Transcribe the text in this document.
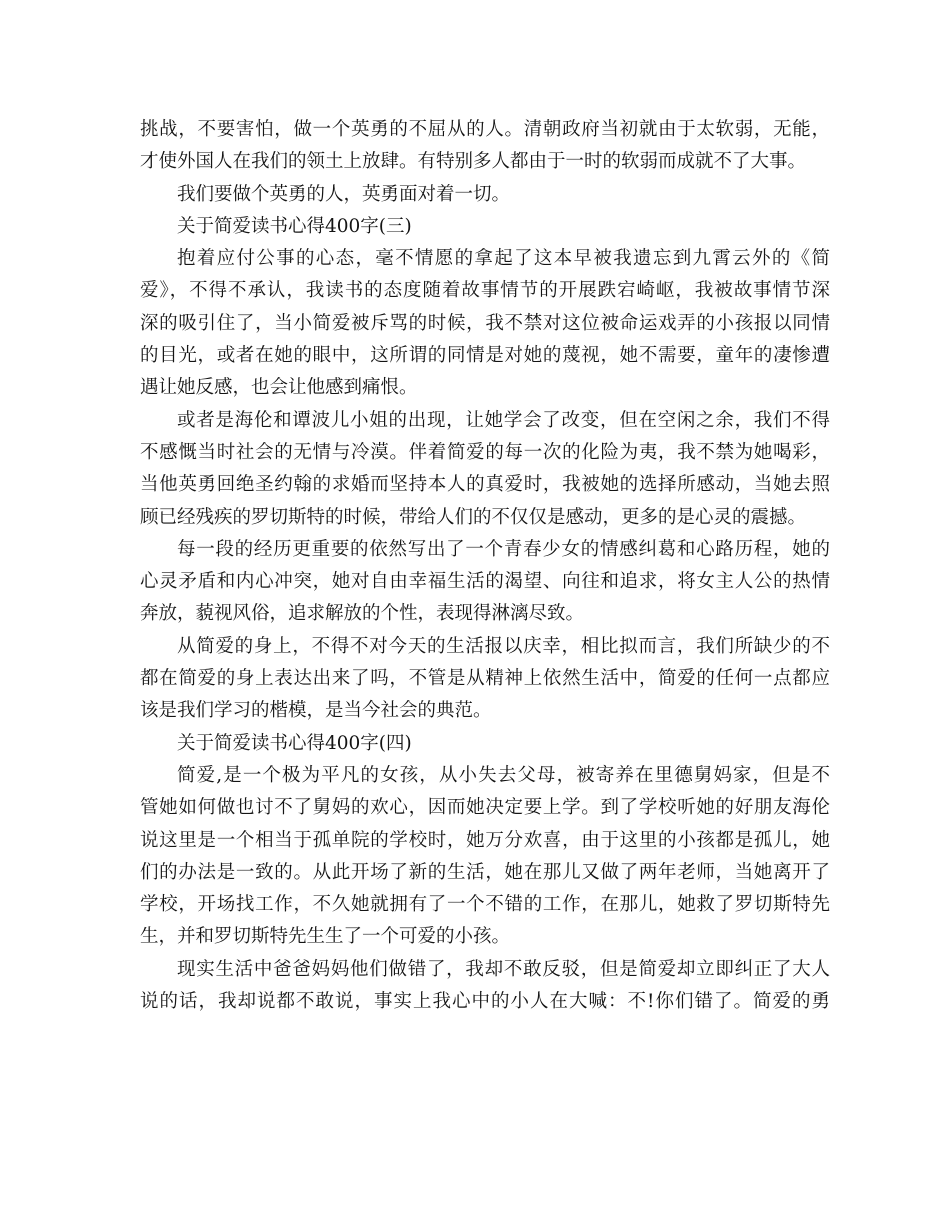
挑战，不要害怕，做一个英勇的不屈从的人。清朝政府当初就由于太软弱，无能，
才使外国人在我们的领土上放肆。有特别多人都由于一时的软弱而成就不了大事。
我们要做个英勇的人，英勇面对着一切。
关于简爱读书心得400字(三)
抱着应付公事的心态，毫不情愿的拿起了这本早被我遗忘到九霄云外的《简
爱》，不得不承认，我读书的态度随着故事情节的开展跌宕崎岖，我被故事情节深
深的吸引住了，当小简爱被斥骂的时候，我不禁对这位被命运戏弄的小孩报以同情
的目光，或者在她的眼中，这所谓的同情是对她的蔑视，她不需要，童年的凄惨遭
遇让她反感，也会让他感到痛恨。
或者是海伦和谭波儿小姐的出现，让她学会了改变，但在空闲之余，我们不得
不感慨当时社会的无情与冷漠。伴着简爱的每一次的化险为夷，我不禁为她喝彩，
当他英勇回绝圣约翰的求婚而坚持本人的真爱时，我被她的选择所感动，当她去照
顾已经残疾的罗切斯特的时候，带给人们的不仅仅是感动，更多的是心灵的震撼。
每一段的经历更重要的依然写出了一个青春少女的情感纠葛和心路历程，她的
心灵矛盾和内心冲突，她对自由幸福生活的渴望、向往和追求，将女主人公的热情
奔放，藐视风俗，追求解放的个性，表现得淋漓尽致。
从简爱的身上，不得不对今天的生活报以庆幸，相比拟而言，我们所缺少的不
都在简爱的身上表达出来了吗，不管是从精神上依然生活中，简爱的任何一点都应
该是我们学习的楷模，是当今社会的典范。
关于简爱读书心得400字(四)
简爱,是一个极为平凡的女孩，从小失去父母，被寄养在里德舅妈家，但是不
管她如何做也讨不了舅妈的欢心，因而她决定要上学。到了学校听她的好朋友海伦
说这里是一个相当于孤单院的学校时，她万分欢喜，由于这里的小孩都是孤儿，她
们的办法是一致的。从此开场了新的生活，她在那儿又做了两年老师，当她离开了
学校，开场找工作，不久她就拥有了一个不错的工作，在那儿，她救了罗切斯特先
生，并和罗切斯特先生生了一个可爱的小孩。
现实生活中爸爸妈妈他们做错了，我却不敢反驳，但是简爱却立即纠正了大人
说的话，我却说都不敢说，事实上我心中的小人在大喊：不!你们错了。简爱的勇
